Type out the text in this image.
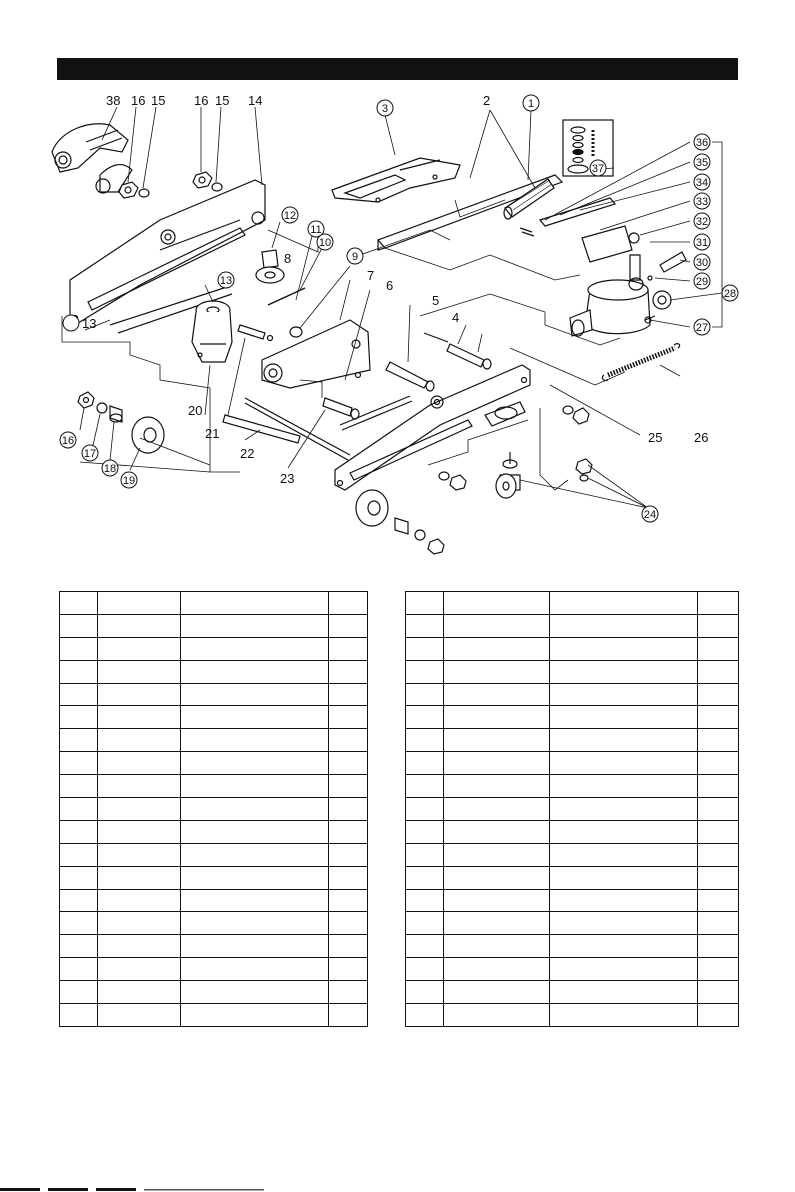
38 16 15 16 15 14	2
13
8
7
6
5
4
20
21
22
23
26
25
3	1
12
11
10
9
13
16
17
18
19
24
37
36
35
34
33
32
31
30
29
28
27
